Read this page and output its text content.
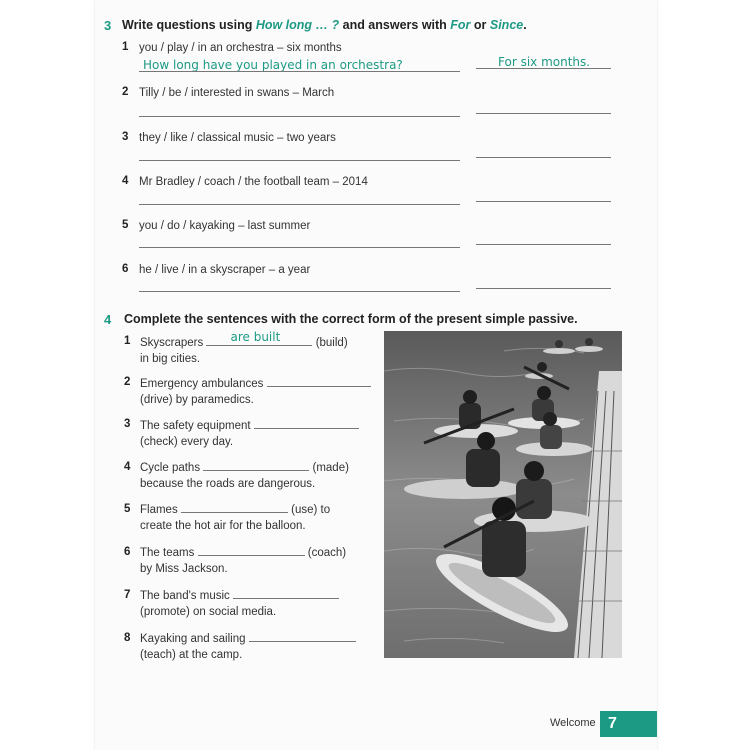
3 Write questions using How long … ? and answers with For or Since.
1 you / play / in an orchestra – six months
How long have you played in an orchestra?	For six months.
2 Tilly / be / interested in swans – March
3 they / like / classical music – two years
4 Mr Bradley / coach / the football team – 2014
5 you / do / kayaking – last summer
6 he / live / in a skyscraper – a year
4 Complete the sentences with the correct form of the present simple passive.
1 Skyscrapers are built	(build)
in big cities.
2 Emergency ambulances
(drive) by paramedics.
3 The safety equipment
(check) every day.
4 Cycle paths	(made)
because the roads are dangerous.
5 Flames	(use) to
create the hot air for the balloon.
6 The teams	(coach)
by Miss Jackson.
7 The band's music
(promote) on social media.
8 Kayaking and sailing
(teach) at the camp.
Welcome 7
